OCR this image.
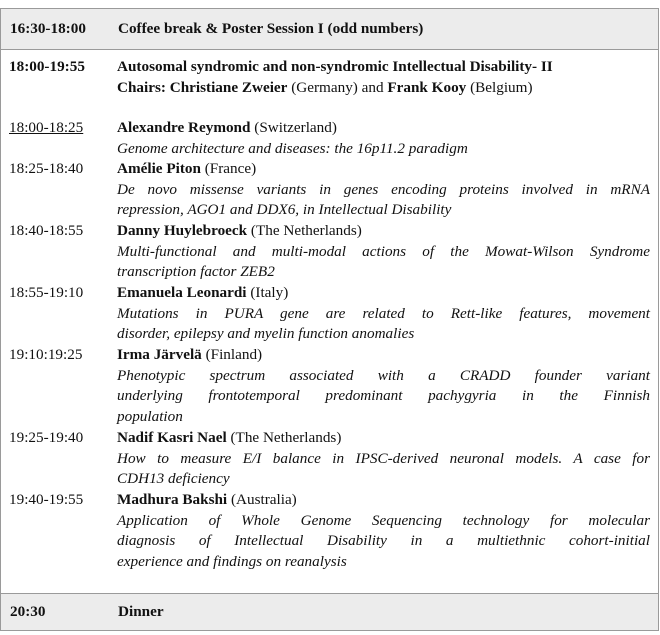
16:30-18:00 Coffee break & Poster Session I (odd numbers)
18:00-19:55 Autosomal syndromic and non-syndromic Intellectual Disability- II
Chairs: Christiane Zweier (Germany) and Frank Kooy (Belgium)
18:00-18:25 Alexandre Reymond (Switzerland)
Genome architecture and diseases: the 16p11.2 paradigm
18:25-18:40 Amélie Piton (France)
De novo missense variants in genes encoding proteins involved in mRNA
repression, AGO1 and DDX6, in Intellectual Disability
18:40-18:55 Danny Huylebroeck (The Netherlands)
Multi-functional and multi-modal actions of the Mowat-Wilson Syndrome
transcription factor ZEB2
18:55-19:10 Emanuela Leonardi (Italy)
Mutations in PURA gene are related to Rett-like features, movement
disorder, epilepsy and myelin function anomalies
19:10:19:25 Irma Järvelä (Finland)
Phenotypic spectrum associated with a CRADD founder variant
underlying frontotemporal predominant pachygyria in the Finnish
population
19:25-19:40 Nadif Kasri Nael (The Netherlands)
How to measure E/I balance in IPSC-derived neuronal models. A case for
CDH13 deficiency
19:40-19:55 Madhura Bakshi (Australia)
Application of Whole Genome Sequencing technology for molecular
diagnosis of Intellectual Disability in a multiethnic cohort-initial
experience and findings on reanalysis
20:30	Dinner
